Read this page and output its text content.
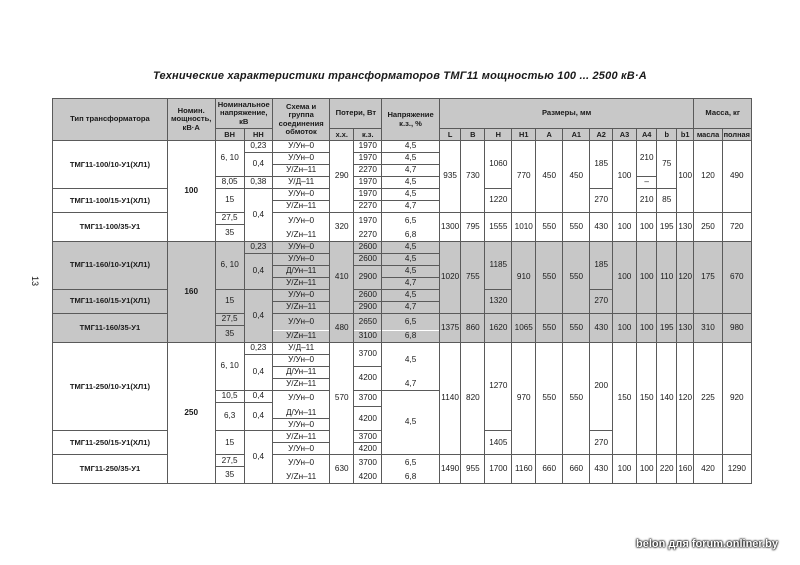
Технические характеристики трансформаторов ТМГ11 мощностью 100 ... 2500 кВ·А
13
belon для forum.onliner.by
Тип трансформатора	Номин. мощность, кВ·А	Номинальное напряжение, кВ		Схема и группа соединения обмоток	Потери, Вт		Напряжение к.з., %	Размеры, мм											Масса, кг	
		ВН	НН		х.х.	к.з.		L	B	H	H1	A	A1	A2	A3	A4	b	b1	масла	полная
ТМГ11-100/10-У1(ХЛ1)	100	6, 10	0,23	У/Ун–0	290	1970	4,5	935	730	1060	770	450	450	185	100	210	75	100	120	490
			0,4	У/Ун–0		1970	4,5													
				У/Zн–11		2270	4,7													
		8,05	0,38	У/Д–11		1970	4,5									–				
ТМГ11-100/15-У1(ХЛ1)		15	0,4	У/Ун–0		1970	4,5			1220				270		210	85			
				У/Zн–11		2270	4,7													
ТМГ11-100/35-У1		27,5		У/Ун–0	320	1970	6,5	1300	795	1555	1010	550	550	430	100	100	195	130	250	720
		35																		
				У/Zн–11		2270	6,8													
ТМГ11-160/10-У1(ХЛ1)	160	6, 10	0,23	У/Ун–0	410	2600	4,5	1020	755	1185	910	550	550	185	100	100	110	120	175	670
			0,4	У/Ун–0		2600	4,5													
				Д/Ун–11		2900	4,5													
				У/Zн–11			4,7													
ТМГ11-160/15-У1(ХЛ1)		15	0,4	У/Ун–0		2600	4,5			1320				270						
				У/Zн–11		2900	4,7													
ТМГ11-160/35-У1		27,5		У/Ун–0	480	2650	6,5	1375	860	1620	1065	550	550	430	100	100	195	130	310	980
		35																		
				У/Zн–11		3100	6,8													
ТМГ11-250/10-У1(ХЛ1)	250	6, 10	0,23	У/Д–11	570	3700	4,5	1140	820	1270	970	550	550	200	150	150	140	120	225	920
			0,4	У/Ун–0																
				Д/Ун–11		4200														
				У/Zн–11			4,7													
		10,5	0,4	У/Ун–0		3700	4,5													
		6,3	0,4																	
				Д/Ун–11		4200														
				У/Ун–0																
ТМГ11-250/15-У1(ХЛ1)		15	0,4	У/Zн–11		3700				1405				270						
				У/Ун–0		4200														
ТМГ11-250/35-У1		27,5		У/Ун–0	630	3700	6,5	1490	955	1700	1160	660	660	430	100	100	220	160	420	1290
		35																		
				У/Zн–11		4200	6,8													
